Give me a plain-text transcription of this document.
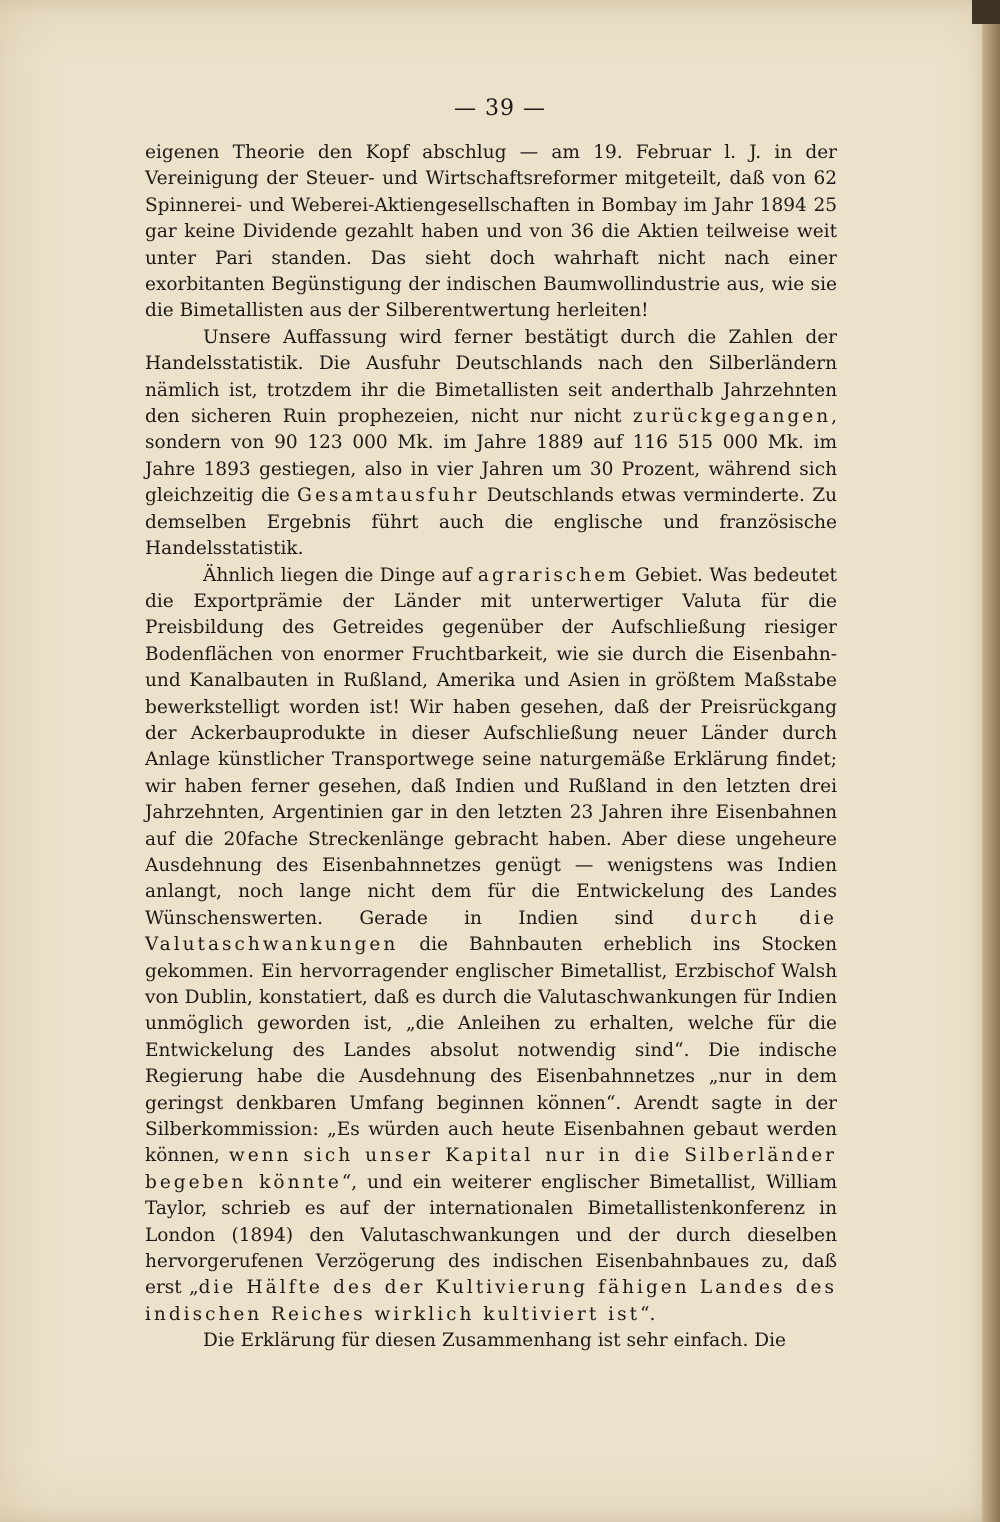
— 39 —

eigenen Theorie den Kopf abschlug — am 19. Februar l. J. in der Vereinigung der Steuer- und Wirtschaftsreformer mitgeteilt, daß von 62 Spinnerei- und Weberei-Aktiengesellschaften in Bombay im Jahr 1894 25 gar keine Dividende gezahlt haben und von 36 die Aktien teilweise weit unter Pari standen. Das sieht doch wahrhaft nicht nach einer exorbitanten Begünstigung der indischen Baumwollindustrie aus, wie sie die Bimetallisten aus der Silberentwertung herleiten!

Unsere Auffassung wird ferner bestätigt durch die Zahlen der Handelsstatistik. Die Ausfuhr Deutschlands nach den Silberländern nämlich ist, trotzdem ihr die Bimetallisten seit anderthalb Jahrzehnten den sicheren Ruin prophezeien, nicht nur nicht zurückgegangen, sondern von 90 123 000 Mk. im Jahre 1889 auf 116 515 000 Mk. im Jahre 1893 gestiegen, also in vier Jahren um 30 Prozent, während sich gleichzeitig die Gesamtausfuhr Deutschlands etwas verminderte. Zu demselben Ergebnis führt auch die englische und französische Handelsstatistik.

Ähnlich liegen die Dinge auf agrarischem Gebiet. Was bedeutet die Exportprämie der Länder mit unterwertiger Valuta für die Preisbildung des Getreides gegenüber der Aufschließung riesiger Bodenflächen von enormer Fruchtbarkeit, wie sie durch die Eisenbahn- und Kanalbauten in Rußland, Amerika und Asien in größtem Maßstabe bewerkstelligt worden ist! Wir haben gesehen, daß der Preisrückgang der Ackerbauprodukte in dieser Aufschließung neuer Länder durch Anlage künstlicher Transportwege seine naturgemäße Erklärung findet; wir haben ferner gesehen, daß Indien und Rußland in den letzten drei Jahrzehnten, Argentinien gar in den letzten 23 Jahren ihre Eisenbahnen auf die 20fache Streckenlänge gebracht haben. Aber diese ungeheure Ausdehnung des Eisenbahnnetzes genügt — wenigstens was Indien anlangt, noch lange nicht dem für die Entwickelung des Landes Wünschenswerten. Gerade in Indien sind durch die Valutaschwankungen die Bahnbauten erheblich ins Stocken gekommen. Ein hervorragender englischer Bimetallist, Erzbischof Walsh von Dublin, konstatiert, daß es durch die Valutaschwankungen für Indien unmöglich geworden ist, „die Anleihen zu erhalten, welche für die Entwickelung des Landes absolut notwendig sind“. Die indische Regierung habe die Ausdehnung des Eisenbahnnetzes „nur in dem geringst denkbaren Umfang beginnen können“. Arendt sagte in der Silberkommission: „Es würden auch heute Eisenbahnen gebaut werden können, wenn sich unser Kapital nur in die Silberländer begeben könnte“, und ein weiterer englischer Bimetallist, William Taylor, schrieb es auf der internationalen Bimetallistenkonferenz in London (1894) den Valutaschwankungen und der durch dieselben hervorgerufenen Verzögerung des indischen Eisenbahnbaues zu, daß erst „die Hälfte des der Kultivierung fähigen Landes des indischen Reiches wirklich kultiviert ist“.

Die Erklärung für diesen Zusammenhang ist sehr einfach. Die
